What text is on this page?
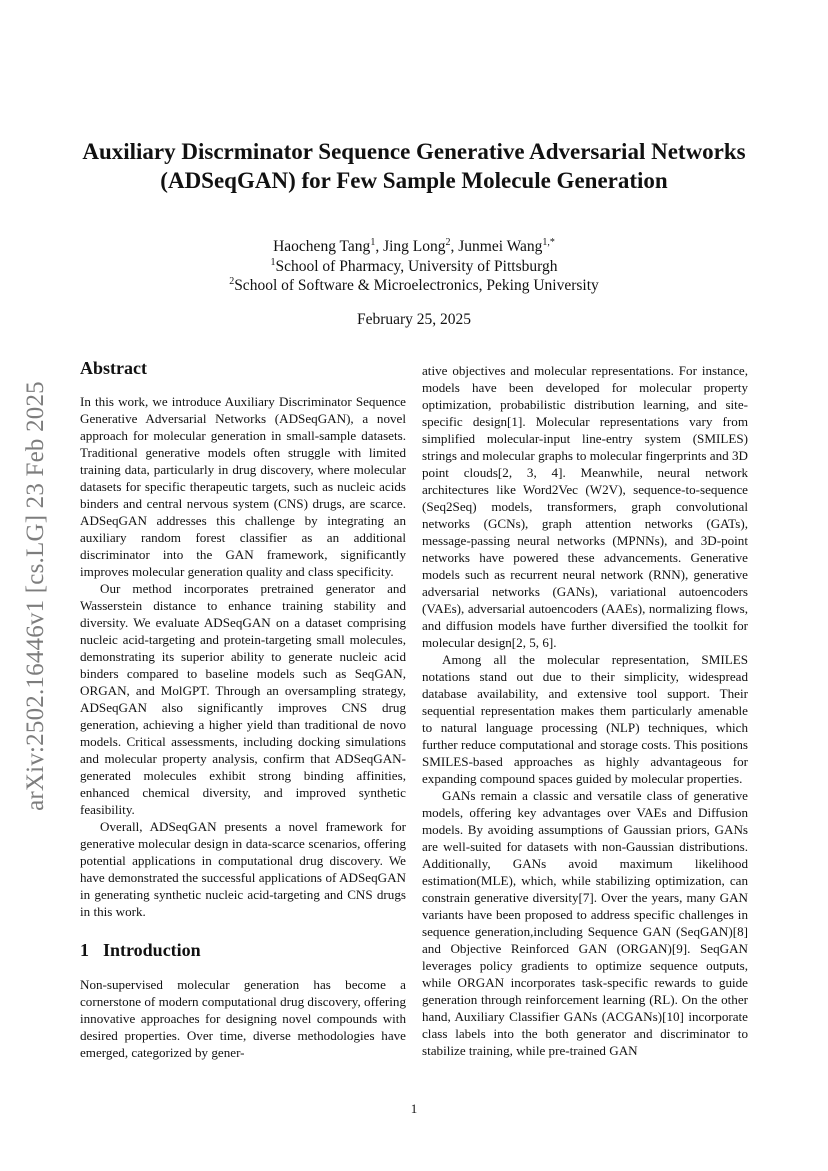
arXiv:2502.16446v1 [cs.LG] 23 Feb 2025
Auxiliary Discrminator Sequence Generative Adversarial Networks (ADSeqGAN) for Few Sample Molecule Generation
Haocheng Tang$^1$, Jing Long$^2$, Junmei Wang$^{1,*}$
$^1$School of Pharmacy, University of Pittsburgh
$^2$School of Software & Microelectronics, Peking University
February 25, 2025
Abstract

In this work, we introduce Auxiliary Discriminator Sequence Generative Adversarial Networks (ADSeqGAN), a novel approach for molecular generation in small-sample datasets. Traditional generative models often struggle with limited training data, particularly in drug discovery, where molecular datasets for specific therapeutic targets, such as nucleic acids binders and central nervous system (CNS) drugs, are scarce. ADSeqGAN addresses this challenge by integrating an auxiliary random forest classifier as an additional discriminator into the GAN framework, significantly improves molecular generation quality and class specificity.

Our method incorporates pretrained generator and Wasserstein distance to enhance training stability and diversity. We evaluate ADSeqGAN on a dataset comprising nucleic acid-targeting and protein-targeting small molecules, demonstrating its superior ability to generate nucleic acid binders compared to baseline models such as SeqGAN, ORGAN, and MolGPT. Through an oversampling strategy, ADSeqGAN also significantly improves CNS drug generation, achieving a higher yield than traditional de novo models. Critical assessments, including docking simulations and molecular property analysis, confirm that ADSeqGAN-generated molecules exhibit strong binding affinities, enhanced chemical diversity, and improved synthetic feasibility.

Overall, ADSeqGAN presents a novel framework for generative molecular design in data-scarce scenarios, offering potential applications in computational drug discovery. We have demonstrated the successful applications of ADSeqGAN in generating synthetic nucleic acid-targeting and CNS drugs in this work.

1 Introduction

Non-supervised molecular generation has become a cornerstone of modern computational drug discovery, offering innovative approaches for designing novel compounds with desired properties. Over time, diverse methodologies have emerged, categorized by gener-

ative objectives and molecular representations. For instance, models have been developed for molecular property optimization, probabilistic distribution learning, and site-specific design[1]. Molecular representations vary from simplified molecular-input line-entry system (SMILES) strings and molecular graphs to molecular fingerprints and 3D point clouds[2, 3, 4]. Meanwhile, neural network architectures like Word2Vec (W2V), sequence-to-sequence (Seq2Seq) models, transformers, graph convolutional networks (GCNs), graph attention networks (GATs), message-passing neural networks (MPNNs), and 3D-point networks have powered these advancements. Generative models such as recurrent neural network (RNN), generative adversarial networks (GANs), variational autoencoders (VAEs), adversarial autoencoders (AAEs), normalizing flows, and diffusion models have further diversified the toolkit for molecular design[2, 5, 6].

Among all the molecular representation, SMILES notations stand out due to their simplicity, widespread database availability, and extensive tool support. Their sequential representation makes them particularly amenable to natural language processing (NLP) techniques, which further reduce computational and storage costs. This positions SMILES-based approaches as highly advantageous for expanding compound spaces guided by molecular properties.

GANs remain a classic and versatile class of generative models, offering key advantages over VAEs and Diffusion models. By avoiding assumptions of Gaussian priors, GANs are well-suited for datasets with non-Gaussian distributions. Additionally, GANs avoid maximum likelihood estimation(MLE), which, while stabilizing optimization, can constrain generative diversity[7]. Over the years, many GAN variants have been proposed to address specific challenges in sequence generation,including Sequence GAN (SeqGAN)[8] and Objective Reinforced GAN (ORGAN)[9]. SeqGAN leverages policy gradients to optimize sequence outputs, while ORGAN incorporates task-specific rewards to guide generation through reinforcement learning (RL). On the other hand, Auxiliary Classifier GANs (ACGANs)[10] incorporate class labels into the both generator and discriminator to stabilize training, while pre-trained GAN

1
